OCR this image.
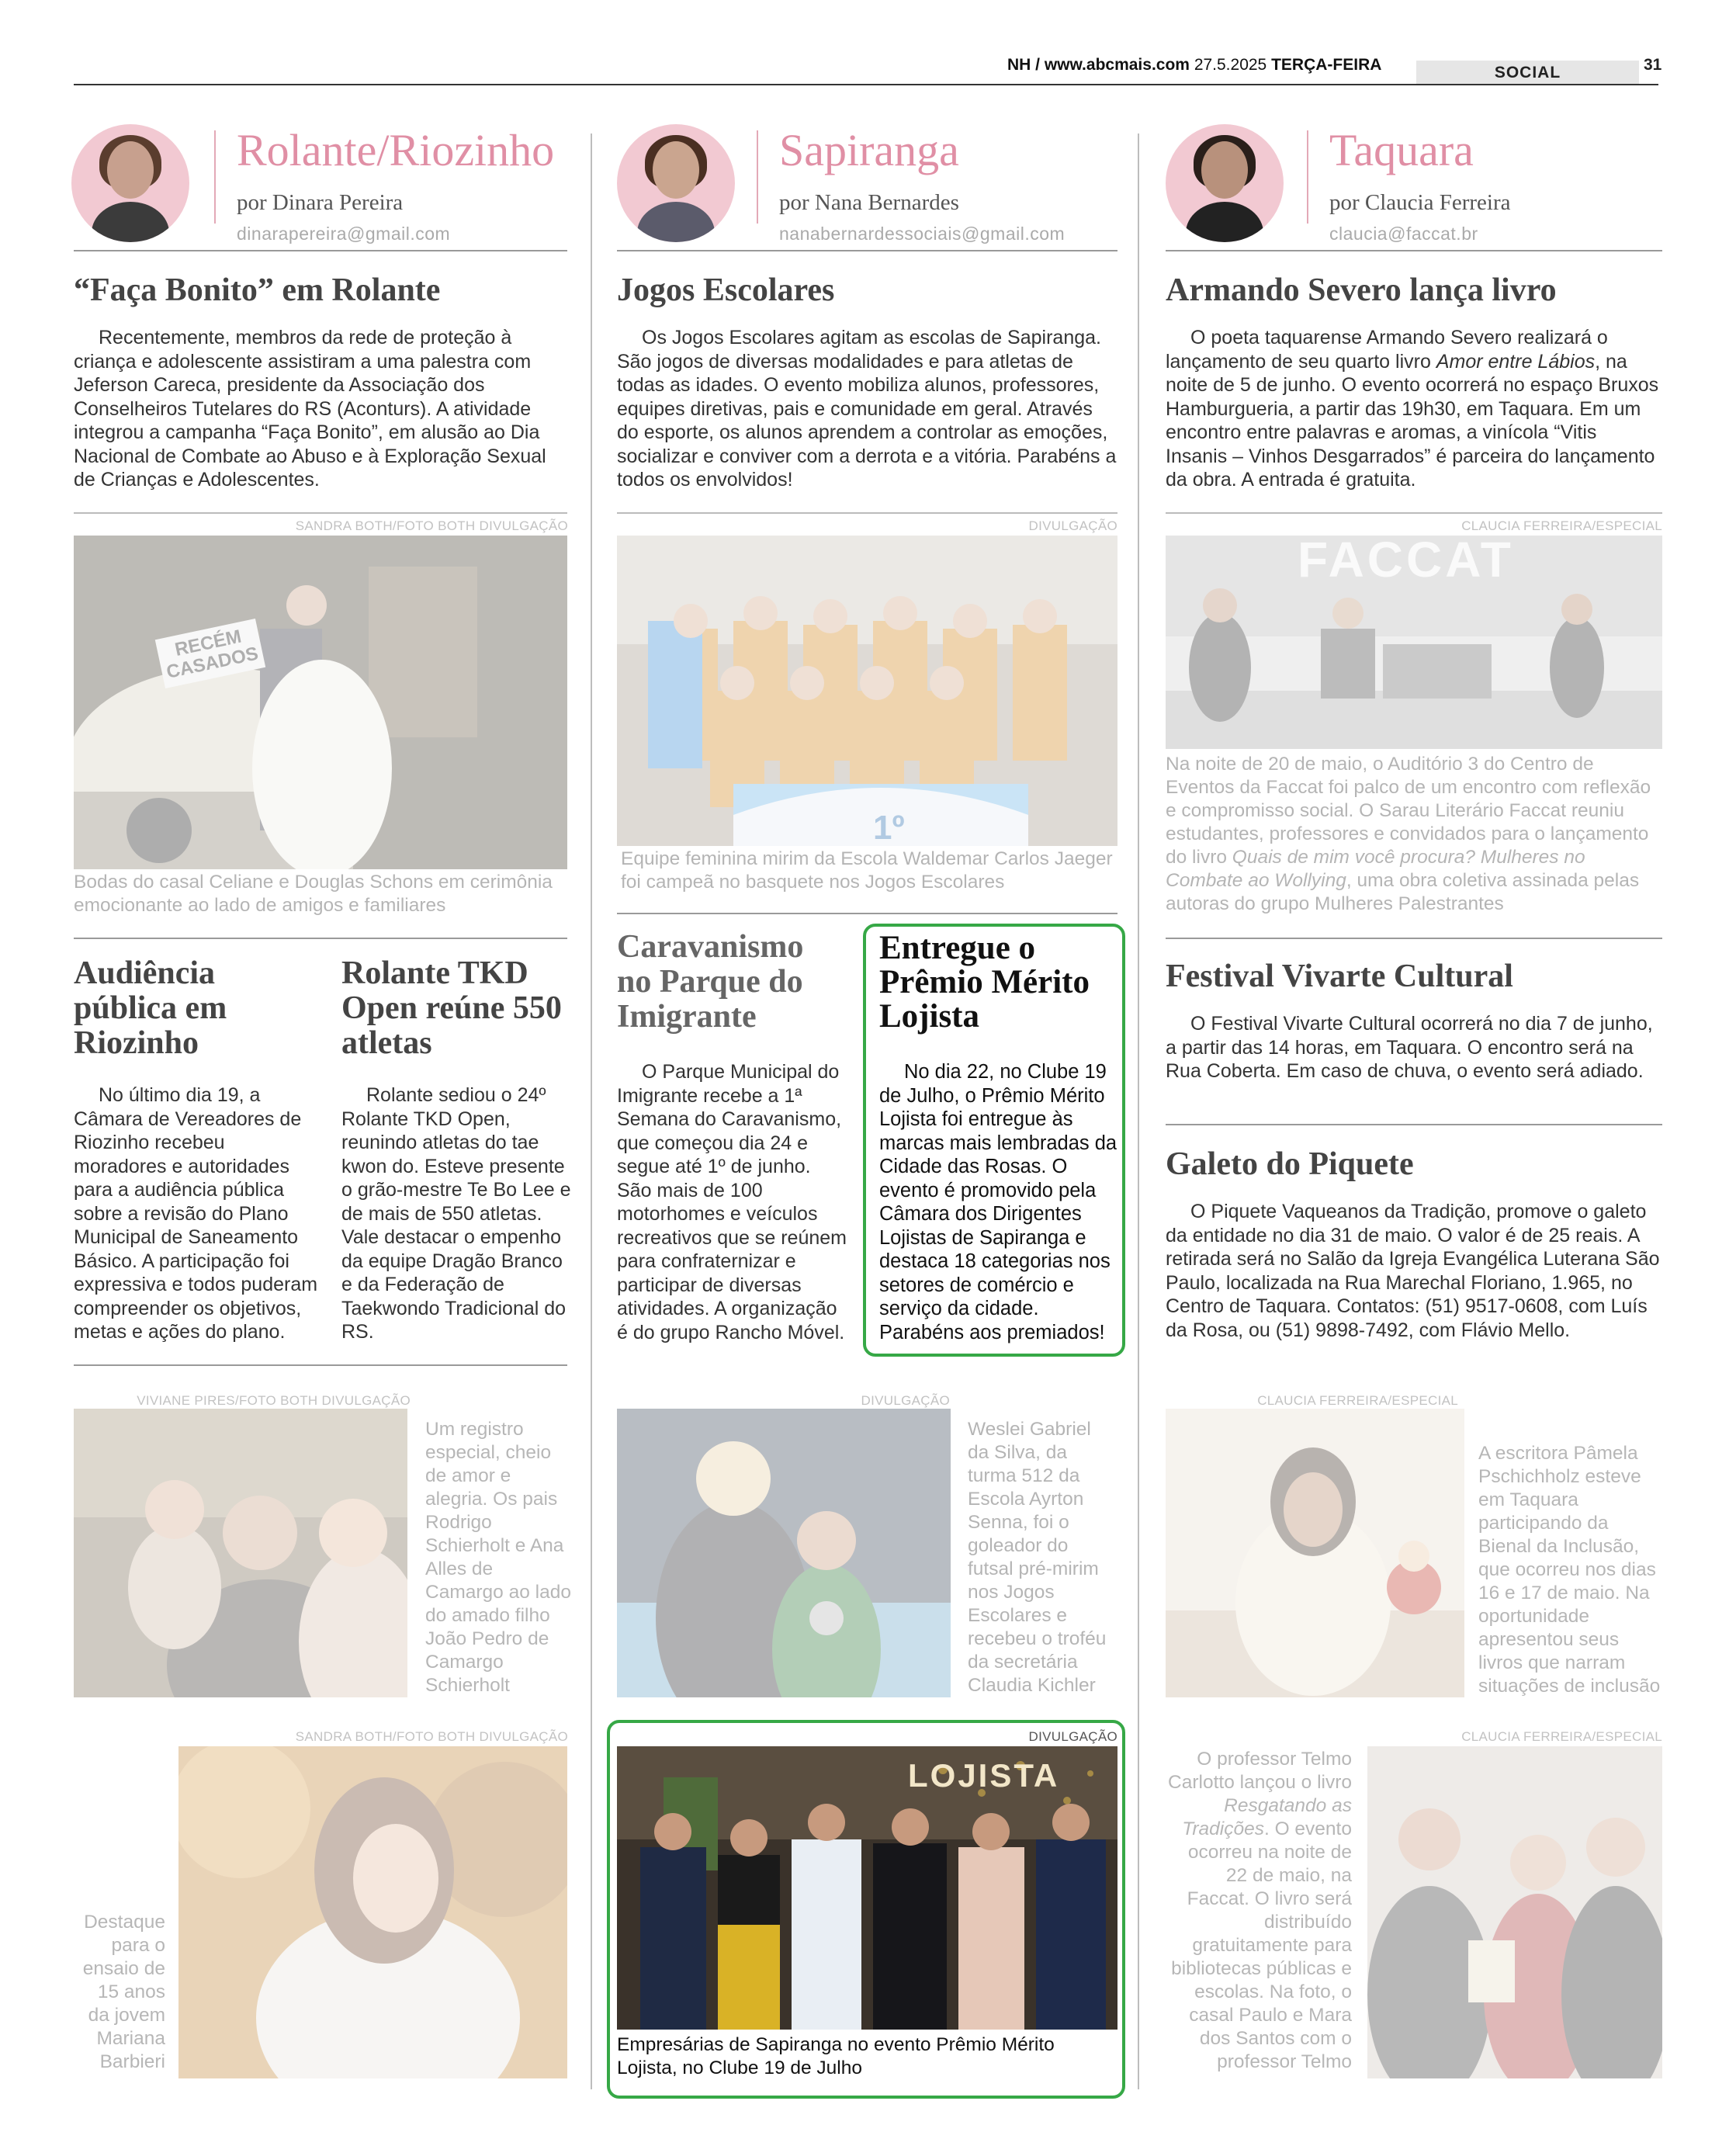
NH / www.abcmais.com 27.5.2025 TERÇA-FEIRA	SOCIAL	31
Rolante/Riozinho
por Dinara Pereira
dinarapereira@gmail.com
Sapiranga
por Nana Bernardes
nanabernardessociais@gmail.com
Taquara
por Claucia Ferreira
claucia@faccat.br
“Faça Bonito” em Rolante
Recentemente, membros da rede de proteção à criança e adolescente assistiram a uma palestra com Jeferson Careca, presidente da Associação dos Conselheiros Tutelares do RS (Aconturs). A atividade integrou a campanha “Faça Bonito”, em alusão ao Dia Nacional de Combate ao Abuso e à Exploração Sexual de Crianças e Adolescentes.
SANDRA BOTH/FOTO BOTH DIVULGAÇÃO
RECÉM CASADOS
Bodas do casal Celiane e Douglas Schons em cerimônia emocionante ao lado de amigos e familiares
Audiência pública em Riozinho
No último dia 19, a Câmara de Vereadores de Riozinho recebeu moradores e autoridades para a audiência pública sobre a revisão do Plano Municipal de Saneamento Básico. A participação foi expressiva e todos puderam compreender os objetivos, metas e ações do plano.
Rolante TKD Open reúne 550 atletas
Rolante sediou o 24º Rolante TKD Open, reunindo atletas do tae kwon do. Esteve presente o grão-mestre Te Bo Lee e de mais de 550 atletas. Vale destacar o empenho da equipe Dragão Branco e da Federação de Taekwondo Tradicional do RS.
VIVIANE PIRES/FOTO BOTH DIVULGAÇÃO
Um registro especial, cheio de amor e alegria. Os pais Rodrigo Schierholt e Ana Alles de Camargo ao lado do amado filho João Pedro de Camargo Schierholt
SANDRA BOTH/FOTO BOTH DIVULGAÇÃO
Destaque para o ensaio de 15 anos da jovem Mariana Barbieri
Jogos Escolares
Os Jogos Escolares agitam as escolas de Sapiranga. São jogos de diversas modalidades e para atletas de todas as idades. O evento mobiliza alunos, professores, equipes diretivas, pais e comunidade em geral. Através do esporte, os alunos aprendem a controlar as emoções, socializar e conviver com a derrota e a vitória. Parabéns a todos os envolvidos!
DIVULGAÇÃO
1º
Equipe feminina mirim da Escola Waldemar Carlos Jaeger foi campeã no basquete nos Jogos Escolares
Caravanismo no Parque do Imigrante
O Parque Municipal do Imigrante recebe a 1ª Semana do Caravanismo, que começou dia 24 e segue até 1º de junho. São mais de 100 motorhomes e veículos recreativos que se reúnem para confraternizar e participar de diversas atividades. A organização é do grupo Rancho Móvel.
Entregue o Prêmio Mérito Lojista
No dia 22, no Clube 19 de Julho, o Prêmio Mérito Lojista foi entregue às marcas mais lembradas da Cidade das Rosas. O evento é promovido pela Câmara dos Dirigentes Lojistas de Sapiranga e destaca 18 categorias nos setores de comércio e serviço da cidade. Parabéns aos premiados!
DIVULGAÇÃO
Weslei Gabriel da Silva, da turma 512 da Escola Ayrton Senna, foi o goleador do futsal pré-mirim nos Jogos Escolares e recebeu o troféu da secretária Claudia Kichler
DIVULGAÇÃO
LOJISTA
Empresárias de Sapiranga no evento Prêmio Mérito Lojista, no Clube 19 de Julho
Armando Severo lança livro
O poeta taquarense Armando Severo realizará o lançamento de seu quarto livro Amor entre Lábios, na noite de 5 de junho. O evento ocorrerá no espaço Bruxos Hamburgueria, a partir das 19h30, em Taquara. Em um encontro entre palavras e aromas, a vinícola “Vitis Insanis – Vinhos Desgarrados” é parceira do lançamento da obra. A entrada é gratuita.
CLAUCIA FERREIRA/ESPECIAL
FACCAT
Na noite de 20 de maio, o Auditório 3 do Centro de Eventos da Faccat foi palco de um encontro com reflexão e compromisso social. O Sarau Literário Faccat reuniu estudantes, professores e convidados para o lançamento do livro Quais de mim você procura? Mulheres no Combate ao Wollying, uma obra coletiva assinada pelas autoras do grupo Mulheres Palestrantes
Festival Vivarte Cultural
O Festival Vivarte Cultural ocorrerá no dia 7 de junho, a partir das 14 horas, em Taquara. O encontro será na Rua Coberta. Em caso de chuva, o evento será adiado.
Galeto do Piquete
O Piquete Vaqueanos da Tradição, promove o galeto da entidade no dia 31 de maio. O valor é de 25 reais. A retirada será no Salão da Igreja Evangélica Luterana São Paulo, localizada na Rua Marechal Floriano, 1.965, no Centro de Taquara. Contatos: (51) 9517-0608, com Luís da Rosa, ou (51) 9898-7492, com Flávio Mello.
CLAUCIA FERREIRA/ESPECIAL
A escritora Pâmela Pschichholz esteve em Taquara participando da Bienal da Inclusão, que ocorreu nos dias 16 e 17 de maio. Na oportunidade apresentou seus livros que narram situações de inclusão
CLAUCIA FERREIRA/ESPECIAL
O professor Telmo Carlotto lançou o livro Resgatando as Tradições. O evento ocorreu na noite de 22 de maio, na Faccat. O livro será distribuído gratuitamente para bibliotecas públicas e escolas. Na foto, o casal Paulo e Mara dos Santos com o professor Telmo
